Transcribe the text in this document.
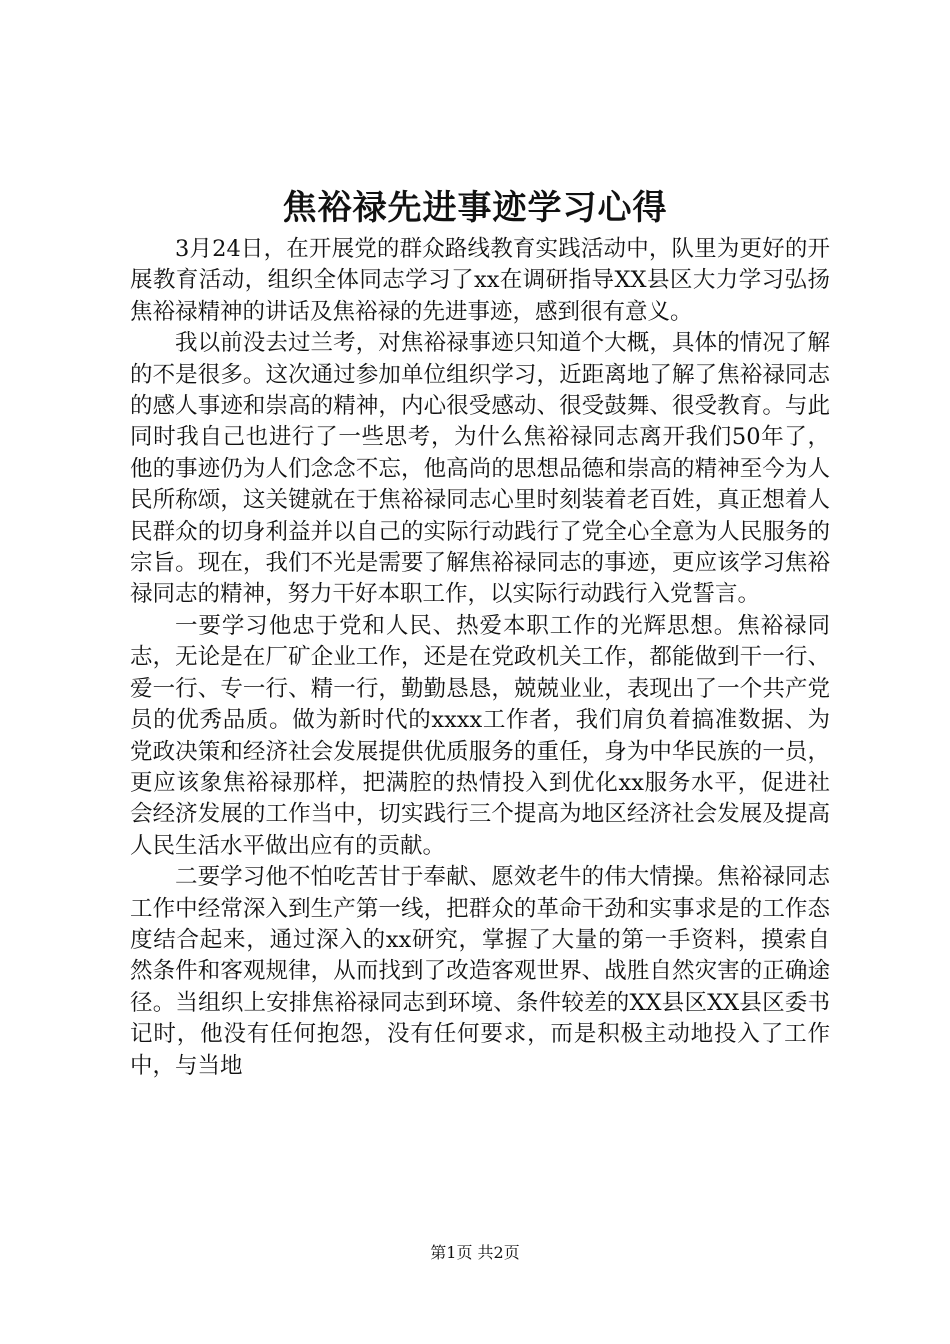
焦裕禄先进事迹学习心得

3月24日，在开展党的群众路线教育实践活动中，队里为更好的开展教育活动，组织全体同志学习了xx在调研指导XX县区大力学习弘扬焦裕禄精神的讲话及焦裕禄的先进事迹，感到很有意义。

我以前没去过兰考，对焦裕禄事迹只知道个大概，具体的情况了解的不是很多。这次通过参加单位组织学习，近距离地了解了焦裕禄同志的感人事迹和崇高的精神，内心很受感动、很受鼓舞、很受教育。与此同时我自己也进行了一些思考，为什么焦裕禄同志离开我们50年了，他的事迹仍为人们念念不忘，他高尚的思想品德和崇高的精神至今为人民所称颂，这关键就在于焦裕禄同志心里时刻装着老百姓，真正想着人民群众的切身利益并以自己的实际行动践行了党全心全意为人民服务的宗旨。现在，我们不光是需要了解焦裕禄同志的事迹，更应该学习焦裕禄同志的精神，努力干好本职工作，以实际行动践行入党誓言。

一要学习他忠于党和人民、热爱本职工作的光辉思想。焦裕禄同志，无论是在厂矿企业工作，还是在党政机关工作，都能做到干一行、爱一行、专一行、精一行，勤勤恳恳，兢兢业业，表现出了一个共产党员的优秀品质。做为新时代的xxxx工作者，我们肩负着搞准数据、为党政决策和经济社会发展提供优质服务的重任，身为中华民族的一员，更应该象焦裕禄那样，把满腔的热情投入到优化xx服务水平，促进社会经济发展的工作当中，切实践行三个提高为地区经济社会发展及提高人民生活水平做出应有的贡献。

二要学习他不怕吃苦甘于奉献、愿效老牛的伟大情操。焦裕禄同志工作中经常深入到生产第一线，把群众的革命干劲和实事求是的工作态度结合起来，通过深入的xx研究，掌握了大量的第一手资料，摸索自然条件和客观规律，从而找到了改造客观世界、战胜自然灾害的正确途径。当组织上安排焦裕禄同志到环境、条件较差的XX县区XX县区委书记时，他没有任何抱怨，没有任何要求，而是积极主动地投入了工作中，与当地

第1页 共2页
